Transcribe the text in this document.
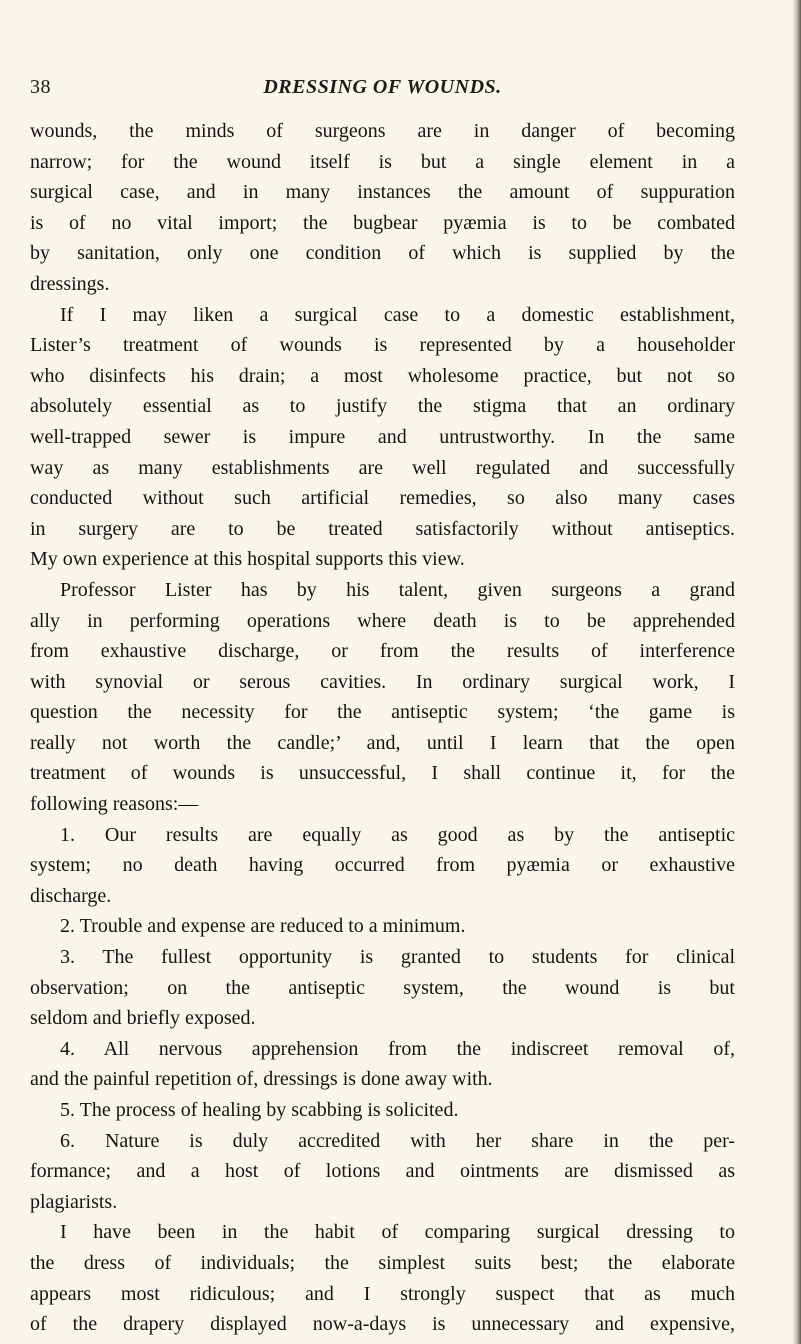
38	DRESSING OF WOUNDS.
wounds, the minds of surgeons are in danger of becoming
narrow; for the wound itself is but a single element in a
surgical case, and in many instances the amount of suppuration
is of no vital import; the bugbear pyæmia is to be combated
by sanitation, only one condition of which is supplied by the
dressings.
If I may liken a surgical case to a domestic establishment,
Lister’s treatment of wounds is represented by a householder
who disinfects his drain; a most wholesome practice, but not so
absolutely essential as to justify the stigma that an ordinary
well-trapped sewer is impure and untrustworthy. In the same
way as many establishments are well regulated and successfully
conducted without such artificial remedies, so also many cases
in surgery are to be treated satisfactorily without antiseptics.
My own experience at this hospital supports this view.
Professor Lister has by his talent, given surgeons a grand
ally in performing operations where death is to be apprehended
from exhaustive discharge, or from the results of interference
with synovial or serous cavities. In ordinary surgical work, I
question the necessity for the antiseptic system; ‘the game is
really not worth the candle;’ and, until I learn that the open
treatment of wounds is unsuccessful, I shall continue it, for the
following reasons:—
1. Our results are equally as good as by the antiseptic
system; no death having occurred from pyæmia or exhaustive
discharge.
2. Trouble and expense are reduced to a minimum.
3. The fullest opportunity is granted to students for clinical
observation; on the antiseptic system, the wound is but
seldom and briefly exposed.
4. All nervous apprehension from the indiscreet removal of,
and the painful repetition of, dressings is done away with.
5. The process of healing by scabbing is solicited.
6. Nature is duly accredited with her share in the per-
formance; and a host of lotions and ointments are dismissed as
plagiarists.
I have been in the habit of comparing surgical dressing to
the dress of individuals; the simplest suits best; the elaborate
appears most ridiculous; and I strongly suspect that as much
of the drapery displayed now-a-days is unnecessary and expensive,
